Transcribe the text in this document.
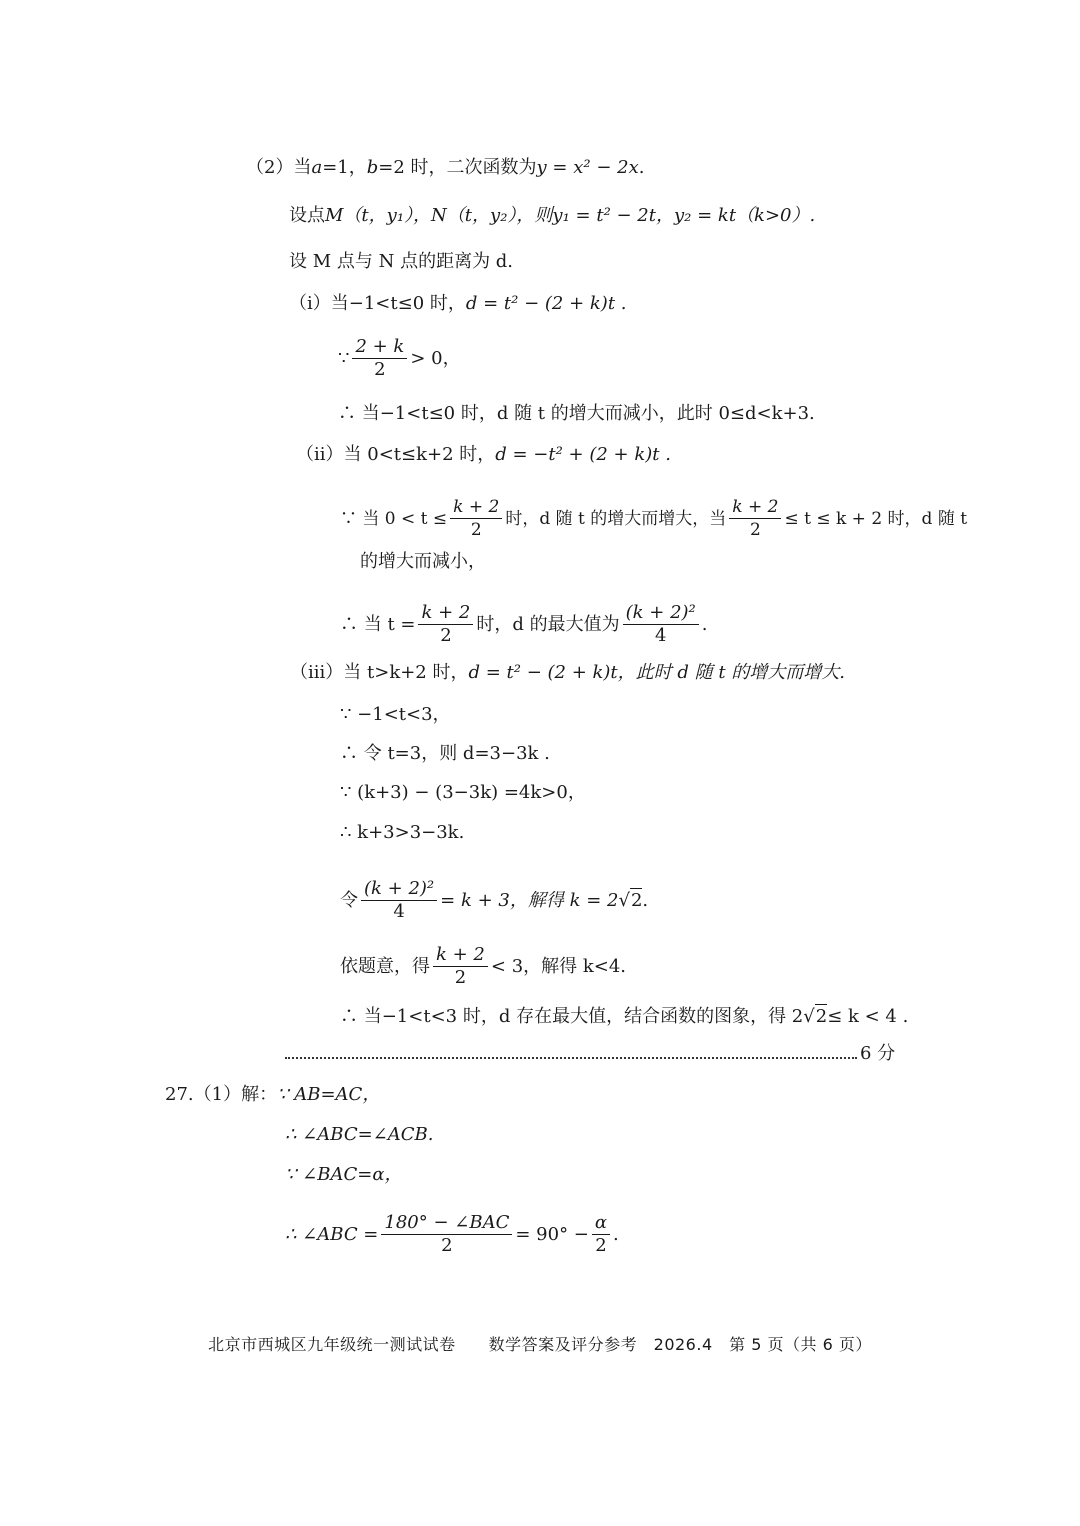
（2） 当 a =1， b =2 时，二次函数为 y = x² − 2x .
设点 M（t，y₁），N（t，y₂），则 y₁ = t² − 2t， y₂ = kt（k>0）.
设 M 点与 N 点的距离为 d.
（ⅰ） 当−1<t≤0 时， d = t² − (2 + k)t .
∵ $\frac{2 + k}{2} > 0$，
∴ 当−1<t≤0 时，d 随 t 的增大而减小，此时 0≤d<k+3.
（ⅱ） 当 0<t≤k+2 时， d = −t² + (2 + k)t .
∵ 当 $0 < t \le \frac{k + 2}{2}$ 时，d 随 t 的增大而增大，当 $\frac{k + 2}{2} \le t \le k + 2$ 时，d 随 t
的增大而减小，
∴ 当 $t = \frac{k + 2}{2}$ 时，d 的最大值为 $\frac{\text{(k + 2)²}}{4}$ .
（ⅲ） 当 t>k+2 时， d = t² − (2 + k)t，此时 d 随 t 的增大而增大.
∵ −1<t<3，
∴ 令 t=3，则 d=3−3k .
∵ (k+3) − (3−3k) =4k>0，
∴ k+3>3−3k.
令 $\frac{\text{(k + 2)²}}{4} = k + 3$，解得 k = 2 √ 2 .
依题意，得 $\frac{k + 2}{2} < 3$，解得 k<4.
∴ 当−1<t<3 时，d 存在最大值，结合函数的图象，得 2 √ 2 ≤ k < 4 .
6 分
27.（1）解： ∵ AB=AC，
∴ ∠ABC=∠ACB.
∵ ∠BAC=α，
∴ ∠ABC = $\frac{\text{180° − ∠BAC}}{2} = 90^\circ - \frac{\alpha}{2}$ .
北京市西城区九年级统一测试试卷　　数学答案及评分参考　2026.4　第 5 页（共 6 页）
